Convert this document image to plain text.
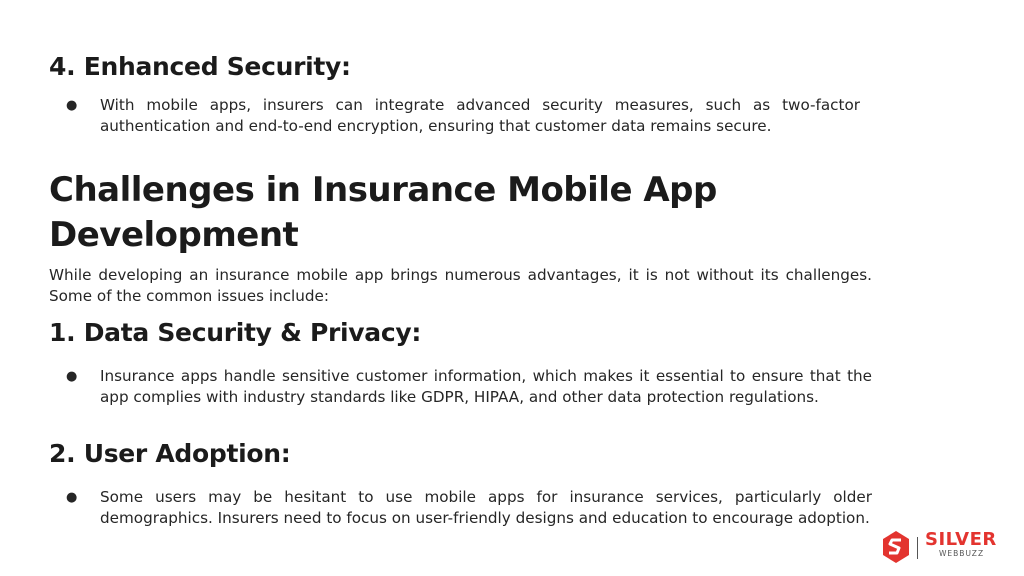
4. Enhanced Security:
● With mobile apps, insurers can integrate advanced security measures, such as two-factor authentication and end-to-end encryption, ensuring that customer data remains secure.

Challenges in Insurance Mobile App Development

While developing an insurance mobile app brings numerous advantages, it is not without its challenges. Some of the common issues include:

1. Data Security & Privacy:
● Insurance apps handle sensitive customer information, which makes it essential to ensure that the app complies with industry standards like GDPR, HIPAA, and other data protection regulations.

2. User Adoption:
● Some users may be hesitant to use mobile apps for insurance services, particularly older demographics. Insurers need to focus on user-friendly designs and education to encourage adoption.

SILVER
WEBBUZZ
